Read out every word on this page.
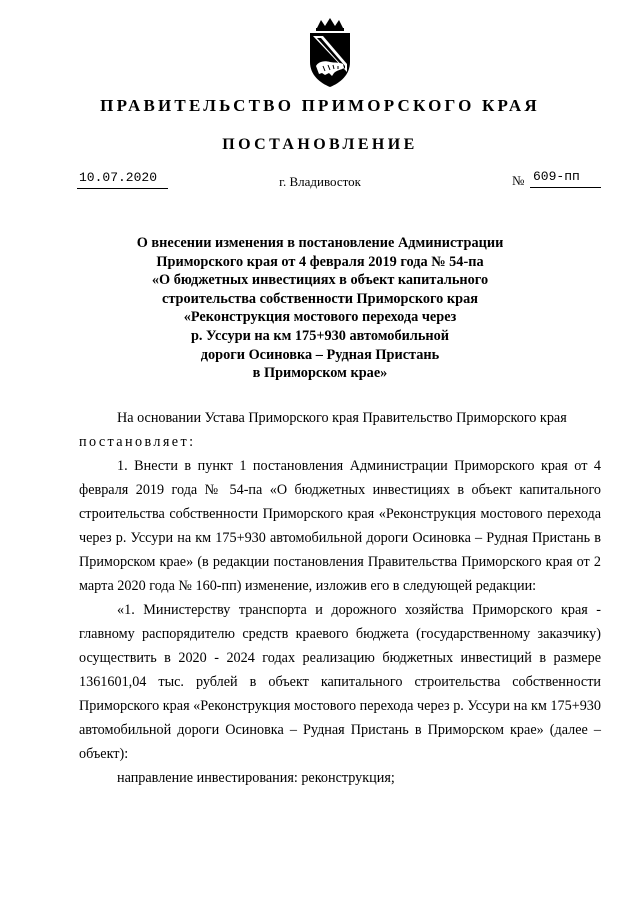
ПРАВИТЕЛЬСТВО ПРИМОРСКОГО КРАЯ
ПОСТАНОВЛЕНИЕ
10.07.2020	г. Владивосток	№ 609-пп
О внесении изменения в постановление Администрации
Приморского края от 4 февраля 2019 года № 54-па
«О бюджетных инвестициях в объект капитального
строительства собственности Приморского края
«Реконструкция мостового перехода через
р. Уссури на км 175+930 автомобильной
дороги Осиновка – Рудная Пристань
в Приморском крае»

На основании Устава Приморского края Правительство Приморского края

постановляет:

1. Внести в пункт 1 постановления Администрации Приморского края от 4 февраля 2019 года № 54-па «О бюджетных инвестициях в объект капитального строительства собственности Приморского края «Реконструкция мостового перехода через р. Уссури на км 175+930 автомобильной дороги Осиновка – Рудная Пристань в Приморском крае» (в редакции постановления Правительства Приморского края от 2 марта 2020 года № 160-пп) изменение, изложив его в следующей редакции:

«1. Министерству транспорта и дорожного хозяйства Приморского края - главному распорядителю средств краевого бюджета (государственному заказчику) осуществить в 2020 - 2024 годах реализацию бюджетных инвестиций в размере 1361601,04 тыс. рублей в объект капитального строительства собственности Приморского края «Реконструкция мостового перехода через р. Уссури на км 175+930 автомобильной дороги Осиновка – Рудная Пристань в Приморском крае» (далее – объект):

направление инвестирования: реконструкция;
